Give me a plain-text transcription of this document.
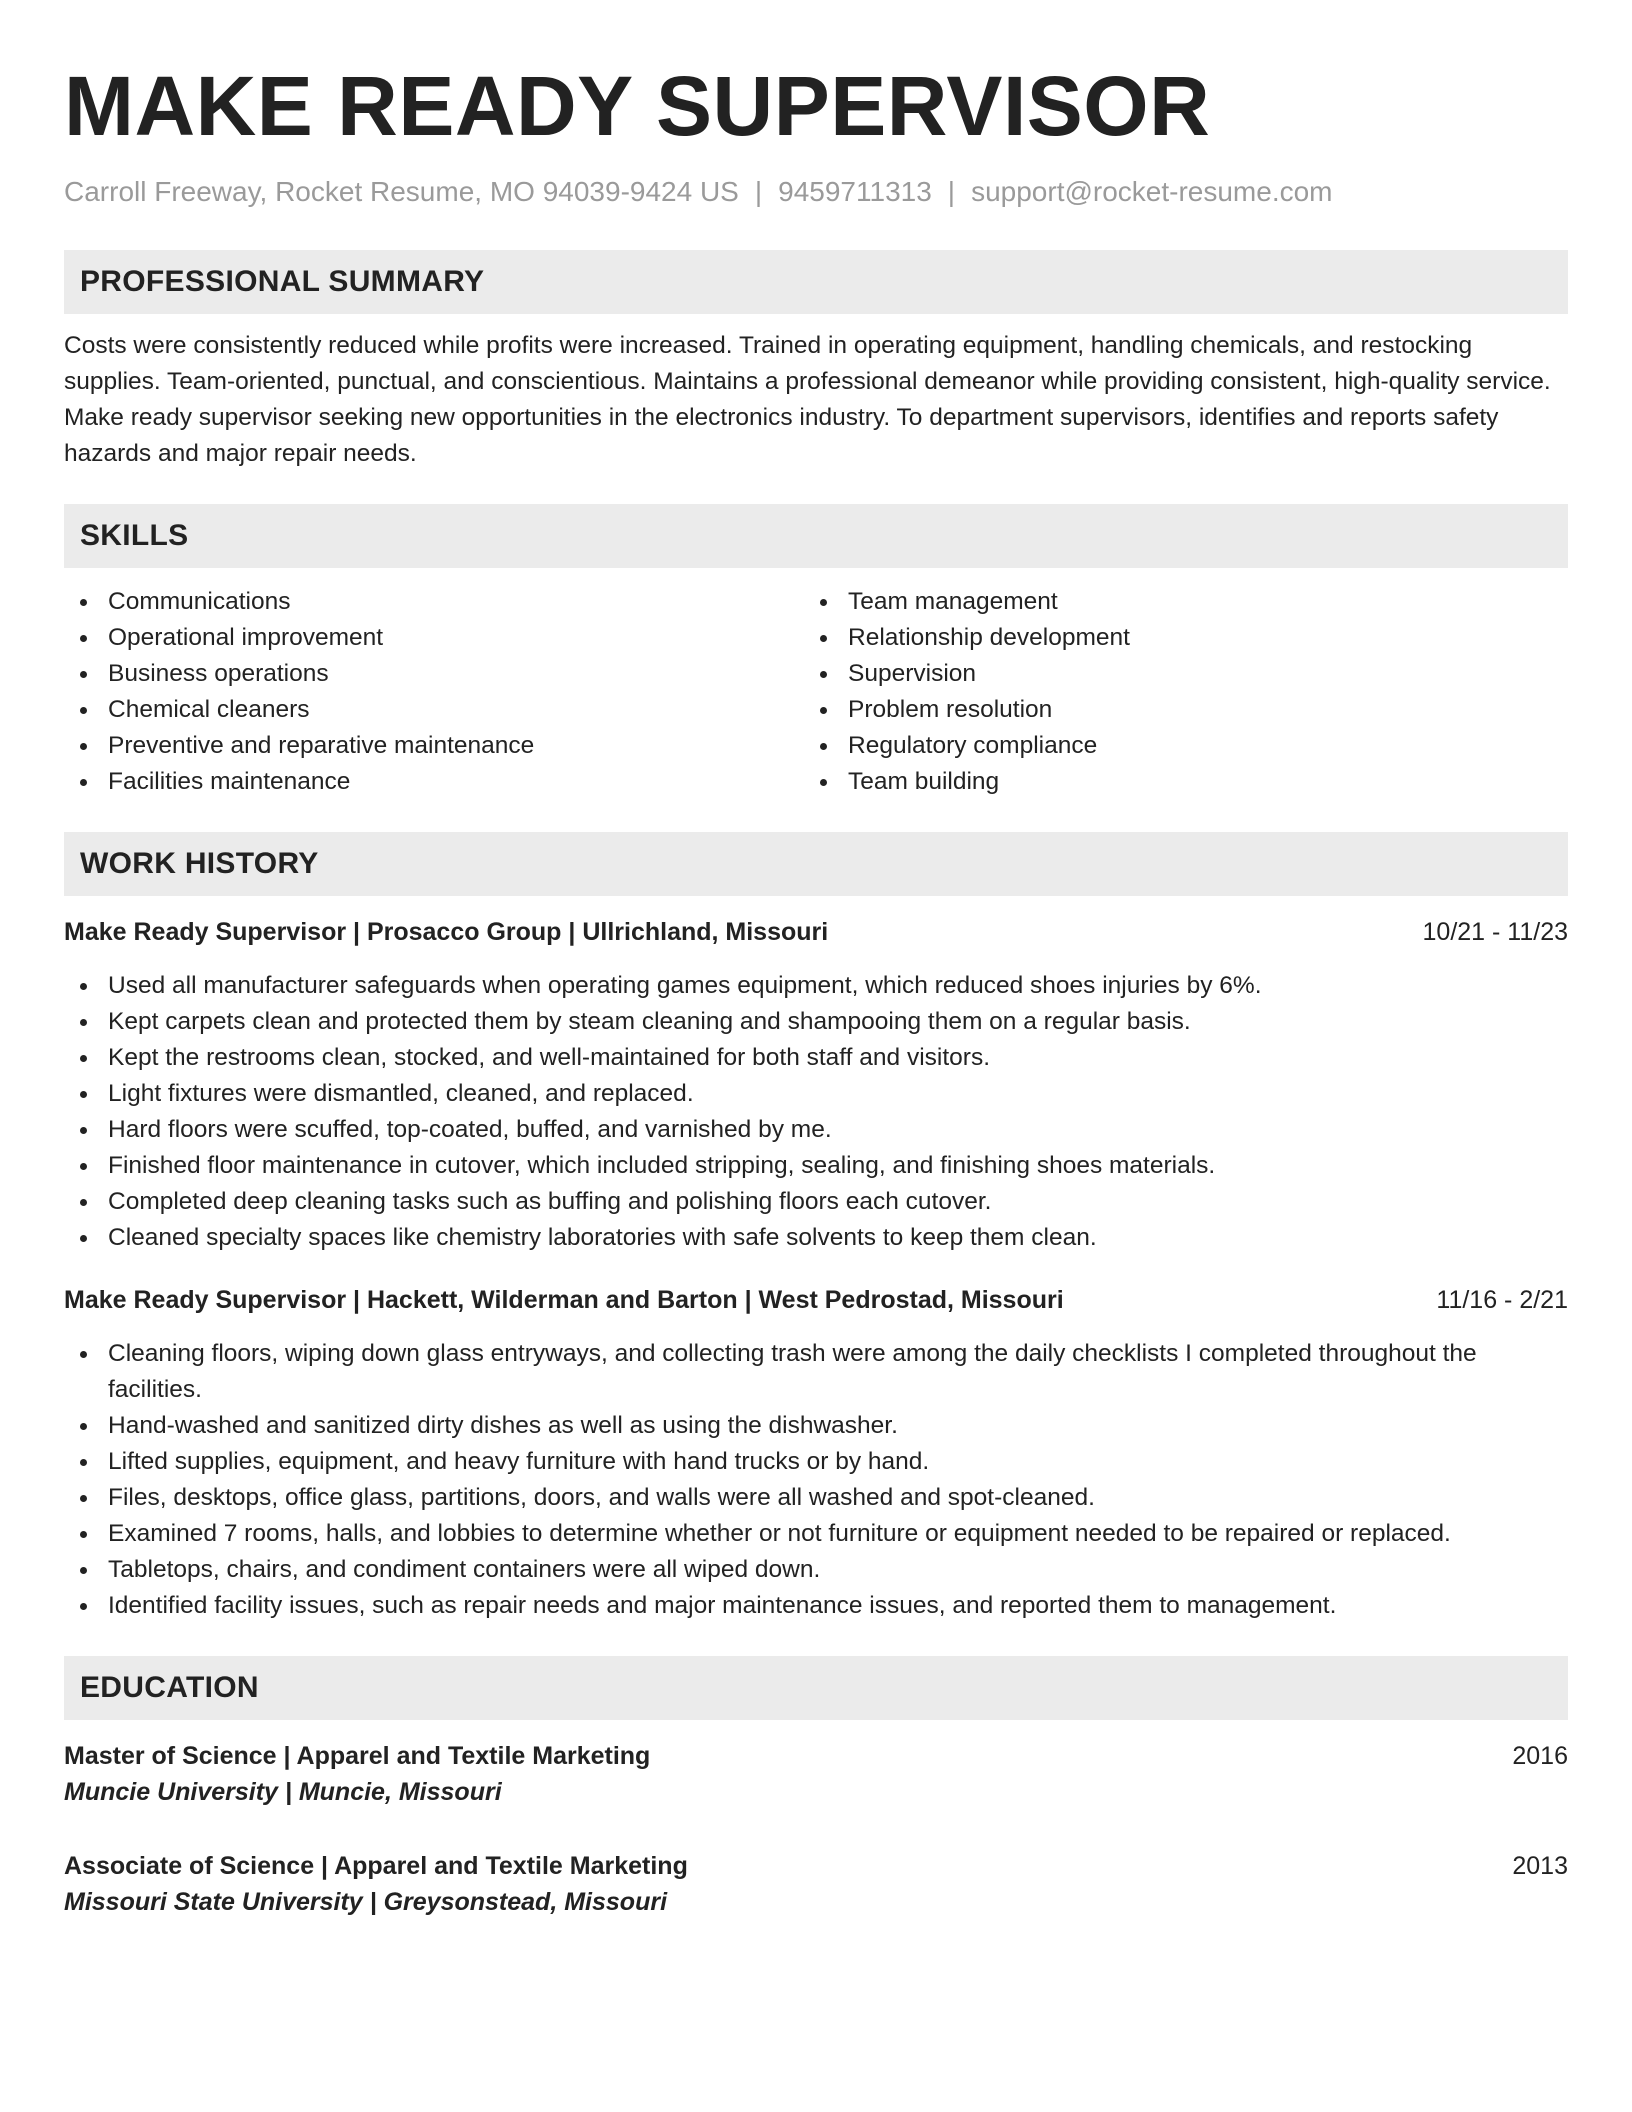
MAKE READY SUPERVISOR
Carroll Freeway, Rocket Resume, MO 94039-9424 US | 9459711313 | support@rocket-resume.com
PROFESSIONAL SUMMARY

Costs were consistently reduced while profits were increased. Trained in operating equipment, handling chemicals, and restocking supplies. Team-oriented, punctual, and conscientious. Maintains a professional demeanor while providing consistent, high-quality service. Make ready supervisor seeking new opportunities in the electronics industry. To department supervisors, identifies and reports safety hazards and major repair needs.

SKILLS
Communications
Operational improvement
Business operations
Chemical cleaners
Preventive and reparative maintenance
Facilities maintenance
Team management
Relationship development
Supervision
Problem resolution
Regulatory compliance
Team building
WORK HISTORY
Make Ready Supervisor | Prosacco Group | Ullrichland, Missouri	10/21 - 11/23
Used all manufacturer safeguards when operating games equipment, which reduced shoes injuries by 6%.
Kept carpets clean and protected them by steam cleaning and shampooing them on a regular basis.
Kept the restrooms clean, stocked, and well-maintained for both staff and visitors.
Light fixtures were dismantled, cleaned, and replaced.
Hard floors were scuffed, top-coated, buffed, and varnished by me.
Finished floor maintenance in cutover, which included stripping, sealing, and finishing shoes materials.
Completed deep cleaning tasks such as buffing and polishing floors each cutover.
Cleaned specialty spaces like chemistry laboratories with safe solvents to keep them clean.
Make Ready Supervisor | Hackett, Wilderman and Barton | West Pedrostad, Missouri	11/16 - 2/21
Cleaning floors, wiping down glass entryways, and collecting trash were among the daily checklists I completed throughout the facilities.
Hand-washed and sanitized dirty dishes as well as using the dishwasher.
Lifted supplies, equipment, and heavy furniture with hand trucks or by hand.
Files, desktops, office glass, partitions, doors, and walls were all washed and spot-cleaned.
Examined 7 rooms, halls, and lobbies to determine whether or not furniture or equipment needed to be repaired or replaced.
Tabletops, chairs, and condiment containers were all wiped down.
Identified facility issues, such as repair needs and major maintenance issues, and reported them to management.
EDUCATION
Master of Science | Apparel and Textile Marketing	2016
Muncie University | Muncie, Missouri
Associate of Science | Apparel and Textile Marketing	2013
Missouri State University | Greysonstead, Missouri
